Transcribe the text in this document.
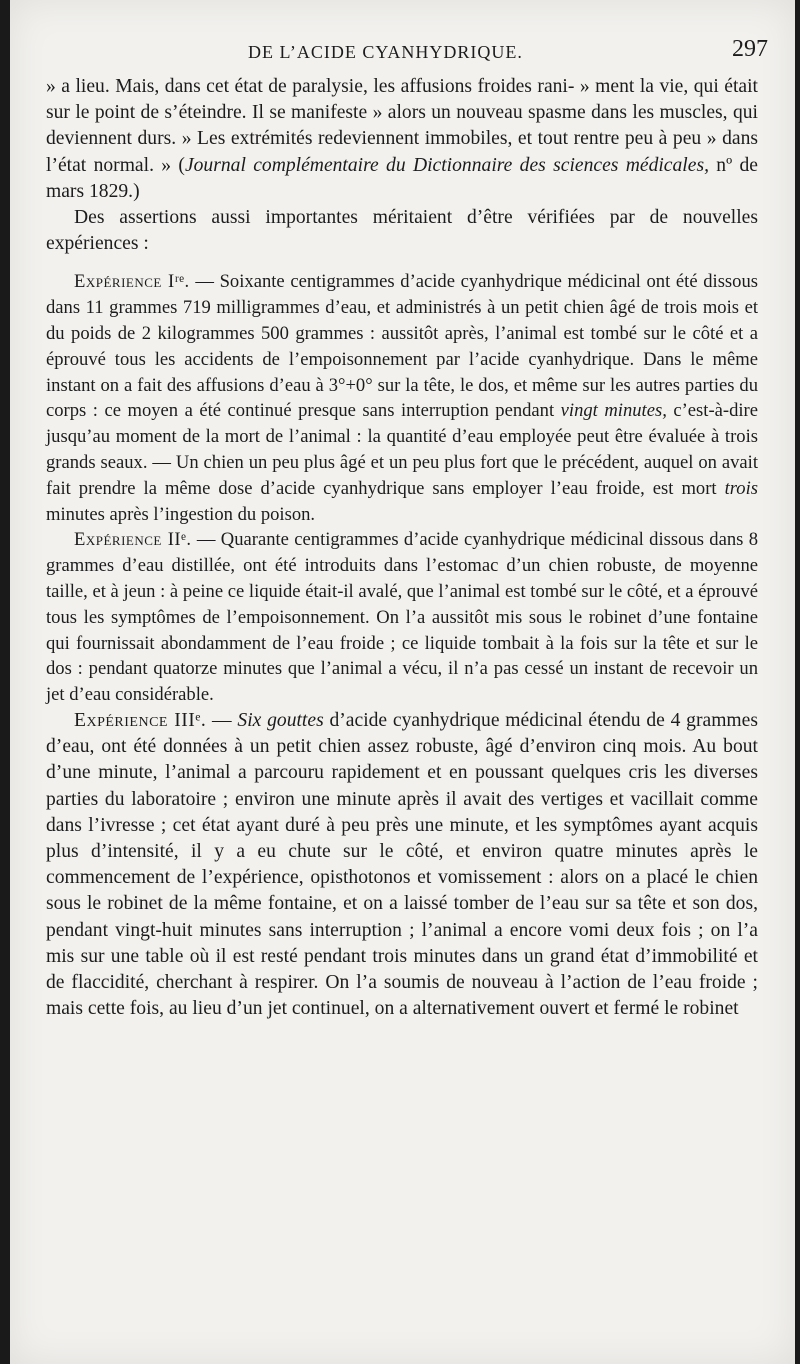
DE L’ACIDE CYANHYDRIQUE.	297

» a lieu. Mais, dans cet état de paralysie, les affusions froides rani- » ment la vie, qui était sur le point de s’éteindre. Il se manifeste » alors un nouveau spasme dans les muscles, qui deviennent durs. » Les extrémités redeviennent immobiles, et tout rentre peu à peu » dans l’état normal. » (Journal complémentaire du Dictionnaire des sciences médicales, nº de mars 1829.)

Des assertions aussi importantes méritaient d’être vérifiées par de nouvelles expériences :

Expérience Iʳᵉ. — Soixante centigrammes d’acide cyanhydrique médicinal ont été dissous dans 11 grammes 719 milligrammes d’eau, et administrés à un petit chien âgé de trois mois et du poids de 2 kilogrammes 500 grammes : aussitôt après, l’animal est tombé sur le côté et a éprouvé tous les accidents de l’empoisonnement par l’acide cyanhydrique. Dans le même instant on a fait des affusions d’eau à 3°+0° sur la tête, le dos, et même sur les autres parties du corps : ce moyen a été continué presque sans interruption pendant vingt minutes, c’est-à-dire jusqu’au moment de la mort de l’animal : la quantité d’eau employée peut être évaluée à trois grands seaux. — Un chien un peu plus âgé et un peu plus fort que le précédent, auquel on avait fait prendre la même dose d’acide cyanhydrique sans employer l’eau froide, est mort trois minutes après l’ingestion du poison.

Expérience IIᵉ. — Quarante centigrammes d’acide cyanhydrique médicinal dissous dans 8 grammes d’eau distillée, ont été introduits dans l’estomac d’un chien robuste, de moyenne taille, et à jeun : à peine ce liquide était-il avalé, que l’animal est tombé sur le côté, et a éprouvé tous les symptômes de l’empoisonnement. On l’a aussitôt mis sous le robinet d’une fontaine qui fournissait abondamment de l’eau froide ; ce liquide tombait à la fois sur la tête et sur le dos : pendant quatorze minutes que l’animal a vécu, il n’a pas cessé un instant de recevoir un jet d’eau considérable.

Expérience IIIᵉ. — Six gouttes d’acide cyanhydrique médicinal étendu de 4 grammes d’eau, ont été données à un petit chien assez robuste, âgé d’environ cinq mois. Au bout d’une minute, l’animal a parcouru rapidement et en poussant quelques cris les diverses parties du laboratoire ; environ une minute après il avait des vertiges et vacillait comme dans l’ivresse ; cet état ayant duré à peu près une minute, et les symptômes ayant acquis plus d’intensité, il y a eu chute sur le côté, et environ quatre minutes après le commencement de l’expérience, opisthotonos et vomissement : alors on a placé le chien sous le robinet de la même fontaine, et on a laissé tomber de l’eau sur sa tête et son dos, pendant vingt-huit minutes sans interruption ; l’animal a encore vomi deux fois ; on l’a mis sur une table où il est resté pendant trois minutes dans un grand état d’immobilité et de flaccidité, cherchant à respirer. On l’a soumis de nouveau à l’action de l’eau froide ; mais cette fois, au lieu d’un jet continuel, on a alternativement ouvert et fermé le robinet
